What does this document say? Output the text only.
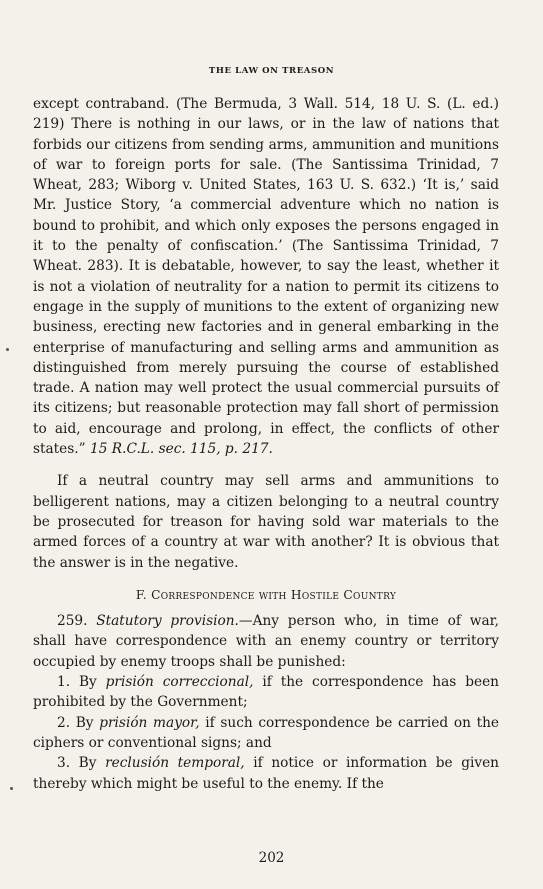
THE LAW ON TREASON

except contraband. (The Bermuda, 3 Wall. 514, 18 U. S. (L. ed.) 219) There is nothing in our laws, or in the law of nations that forbids our citizens from sending arms, ammunition and munitions of war to foreign ports for sale. (The Santissima Trinidad, 7 Wheat, 283; Wiborg v. United States, 163 U. S. 632.) ‘It is,’ said Mr. Justice Story, ‘a commercial adventure which no nation is bound to prohibit, and which only exposes the persons engaged in it to the penalty of confiscation.’ (The Santissima Trinidad, 7 Wheat. 283). It is debatable, however, to say the least, whether it is not a violation of neutrality for a nation to permit its citizens to engage in the supply of munitions to the extent of organizing new business, erecting new factories and in general embarking in the enterprise of manufacturing and selling arms and ammunition as distinguished from merely pursuing the course of established trade. A nation may well protect the usual commercial pursuits of its citizens; but reasonable protection may fall short of permission to aid, encourage and prolong, in effect, the conflicts of other states.” 15 R.C.L. sec. 115, p. 217.

If a neutral country may sell arms and ammunitions to belligerent nations, may a citizen belonging to a neutral country be prosecuted for treason for having sold war materials to the armed forces of a country at war with another? It is obvious that the answer is in the negative.

F. Correspondence with Hostile Country

259. Statutory provision.—Any person who, in time of war, shall have correspondence with an enemy country or territory occupied by enemy troops shall be punished:

1. By prisión correccional, if the correspondence has been prohibited by the Government;

2. By prisión mayor, if such correspondence be carried on the ciphers or conventional signs; and

3. By reclusión temporal, if notice or information be given thereby which might be useful to the enemy. If the

202
